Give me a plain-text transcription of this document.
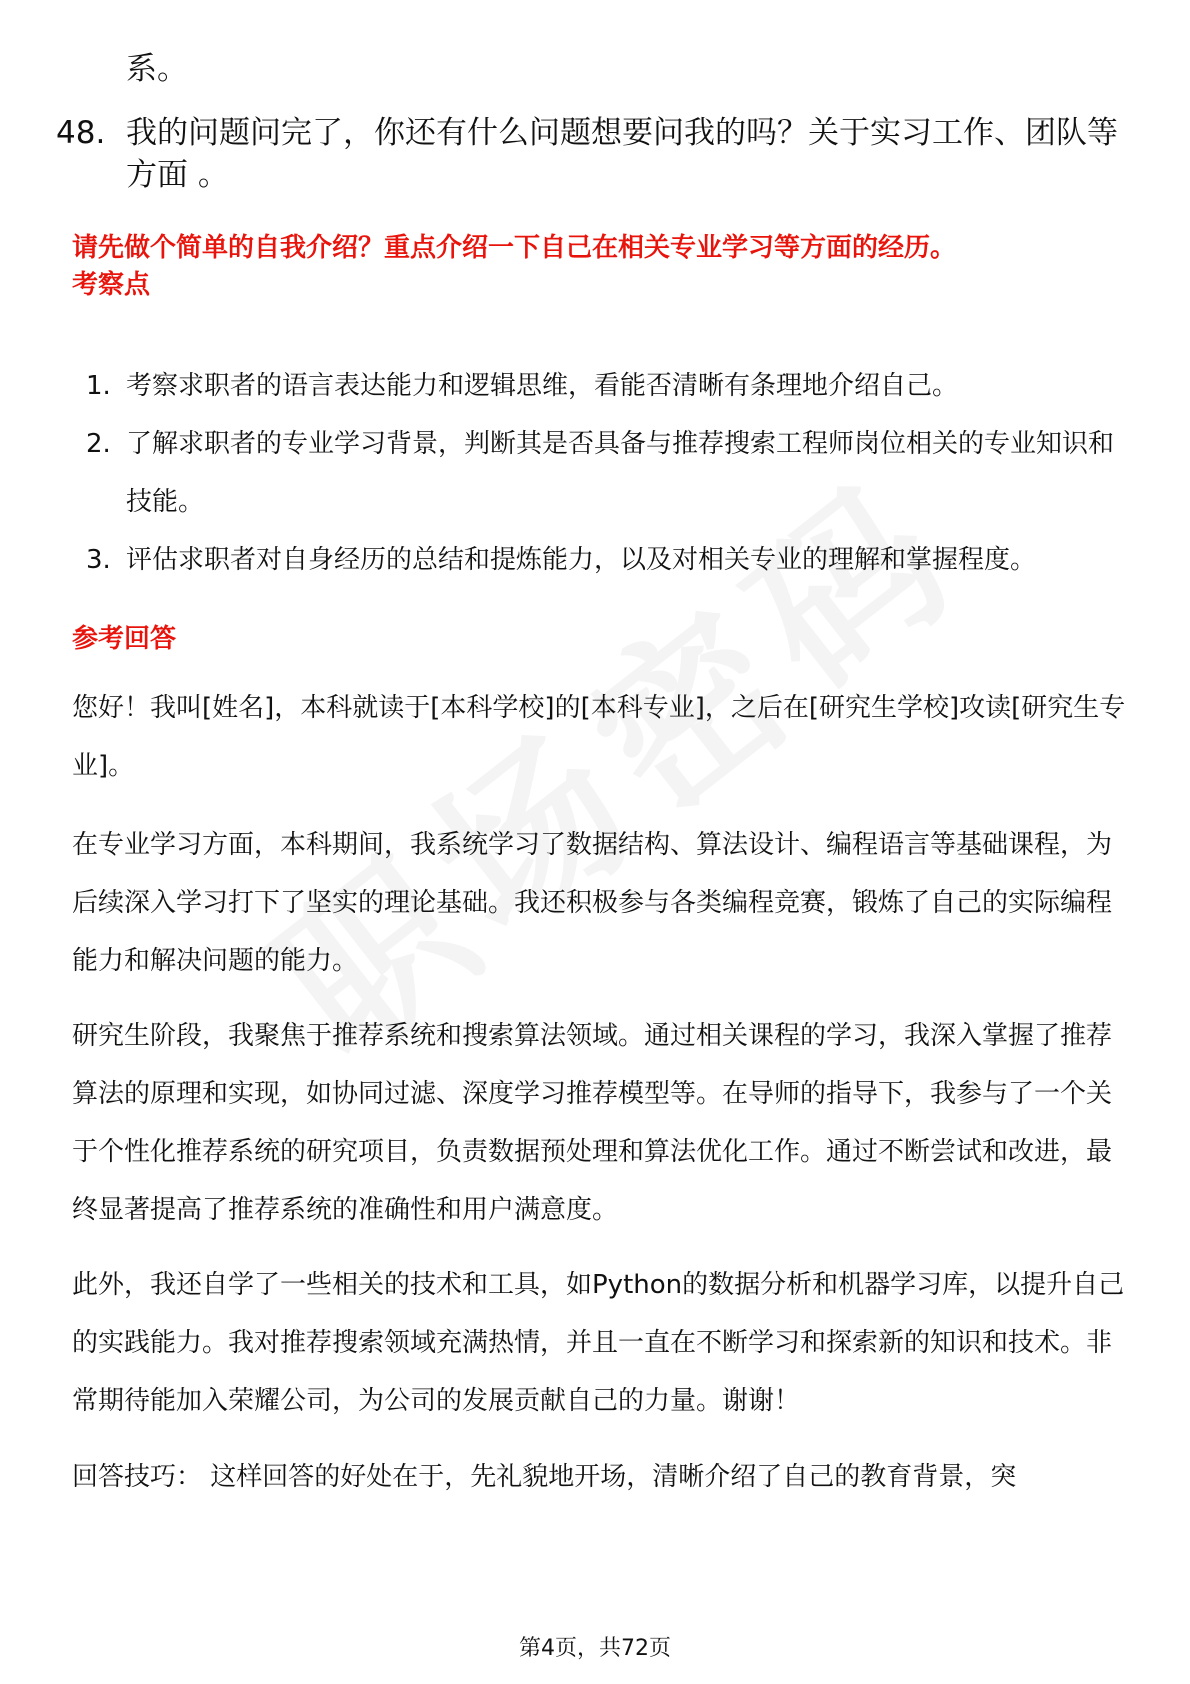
系。
48. 我的问题问完了，你还有什么问题想要问我的吗？关于实习工作、团队等方面 。
请先做个简单的自我介绍？重点介绍一下自己在相关专业学习等方面的经历。
考察点
1. 考察求职者的语言表达能力和逻辑思维，看能否清晰有条理地介绍自己。
2. 了解求职者的专业学习背景，判断其是否具备与推荐搜索工程师岗位相关的专业知识和技能。
3. 评估求职者对自身经历的总结和提炼能力，以及对相关专业的理解和掌握程度。
参考回答
您好！我叫[姓名]，本科就读于[本科学校]的[本科专业]，之后在[研究生学校]攻读[研究生专业]。
在专业学习方面，本科期间，我系统学习了数据结构、算法设计、编程语言等基础课程，为后续深入学习打下了坚实的理论基础。我还积极参与各类编程竞赛，锻炼了自己的实际编程能力和解决问题的能力。
研究生阶段，我聚焦于推荐系统和搜索算法领域。通过相关课程的学习，我深入掌握了推荐算法的原理和实现，如协同过滤、深度学习推荐模型等。在导师的指导下，我参与了一个关于个性化推荐系统的研究项目，负责数据预处理和算法优化工作。通过不断尝试和改进，最终显著提高了推荐系统的准确性和用户满意度。
此外，我还自学了一些相关的技术和工具，如Python的数据分析和机器学习库，以提升自己的实践能力。我对推荐搜索领域充满热情，并且一直在不断学习和探索新的知识和技术。非常期待能加入荣耀公司，为公司的发展贡献自己的力量。谢谢！
回答技巧： 这样回答的好处在于，先礼貌地开场，清晰介绍了自己的教育背景，突
第4页，共72页
